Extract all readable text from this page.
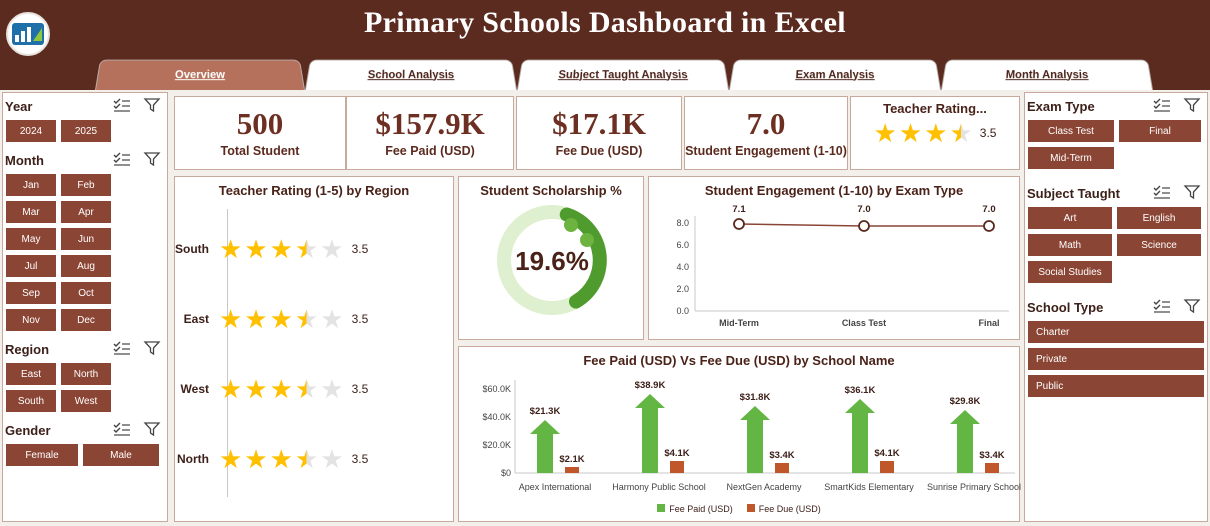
Primary Schools Dashboard in Excel
Overview	School Analysis	Subject Taught Analysis	Exam Analysis	Month Analysis
Year
2024	2025
Month
Jan	Feb
Mar	Apr
May	Jun
Jul	Aug
Sep	Oct
Nov	Dec
Region
East	North
South	West
Gender
Female	Male
500
Total Student
$157.9K
Fee Paid (USD)
$17.1K
Fee Due (USD)
7.0
Student Engagement (1-10)
Teacher Rating...
★ ★ ★ ★ 3.5
Teacher Rating (1-5) by Region
South ★ ★ ★ ★ ★ 3.5
East ★ ★ ★ ★ ★ 3.5
West ★ ★ ★ ★ ★ 3.5
North ★ ★ ★ ★ ★ 3.5
Student Scholarship %
19.6%
Student Engagement (1-10) by Exam Type
8.0
6.0
4.0
2.0
0.0
7.1	7.0	7.0
Mid-Term	Class Test	Final
Fee Paid (USD) Vs Fee Due (USD) by School Name
$60.0K
$40.0K
$20.0K
$0
$21.3K
$2.1K
Apex International
$38.9K
$4.1K
Harmony Public School
$31.8K
$3.4K
NextGen Academy
$36.1K
$4.1K
SmartKids Elementary
$29.8K
$3.4K
Sunrise Primary School
Fee Paid (USD)	Fee Due (USD)
Exam Type
Class Test	Final
Mid-Term
Subject Taught
Art	English
Math	Science
Social Studies
School Type
Charter
Private
Public
